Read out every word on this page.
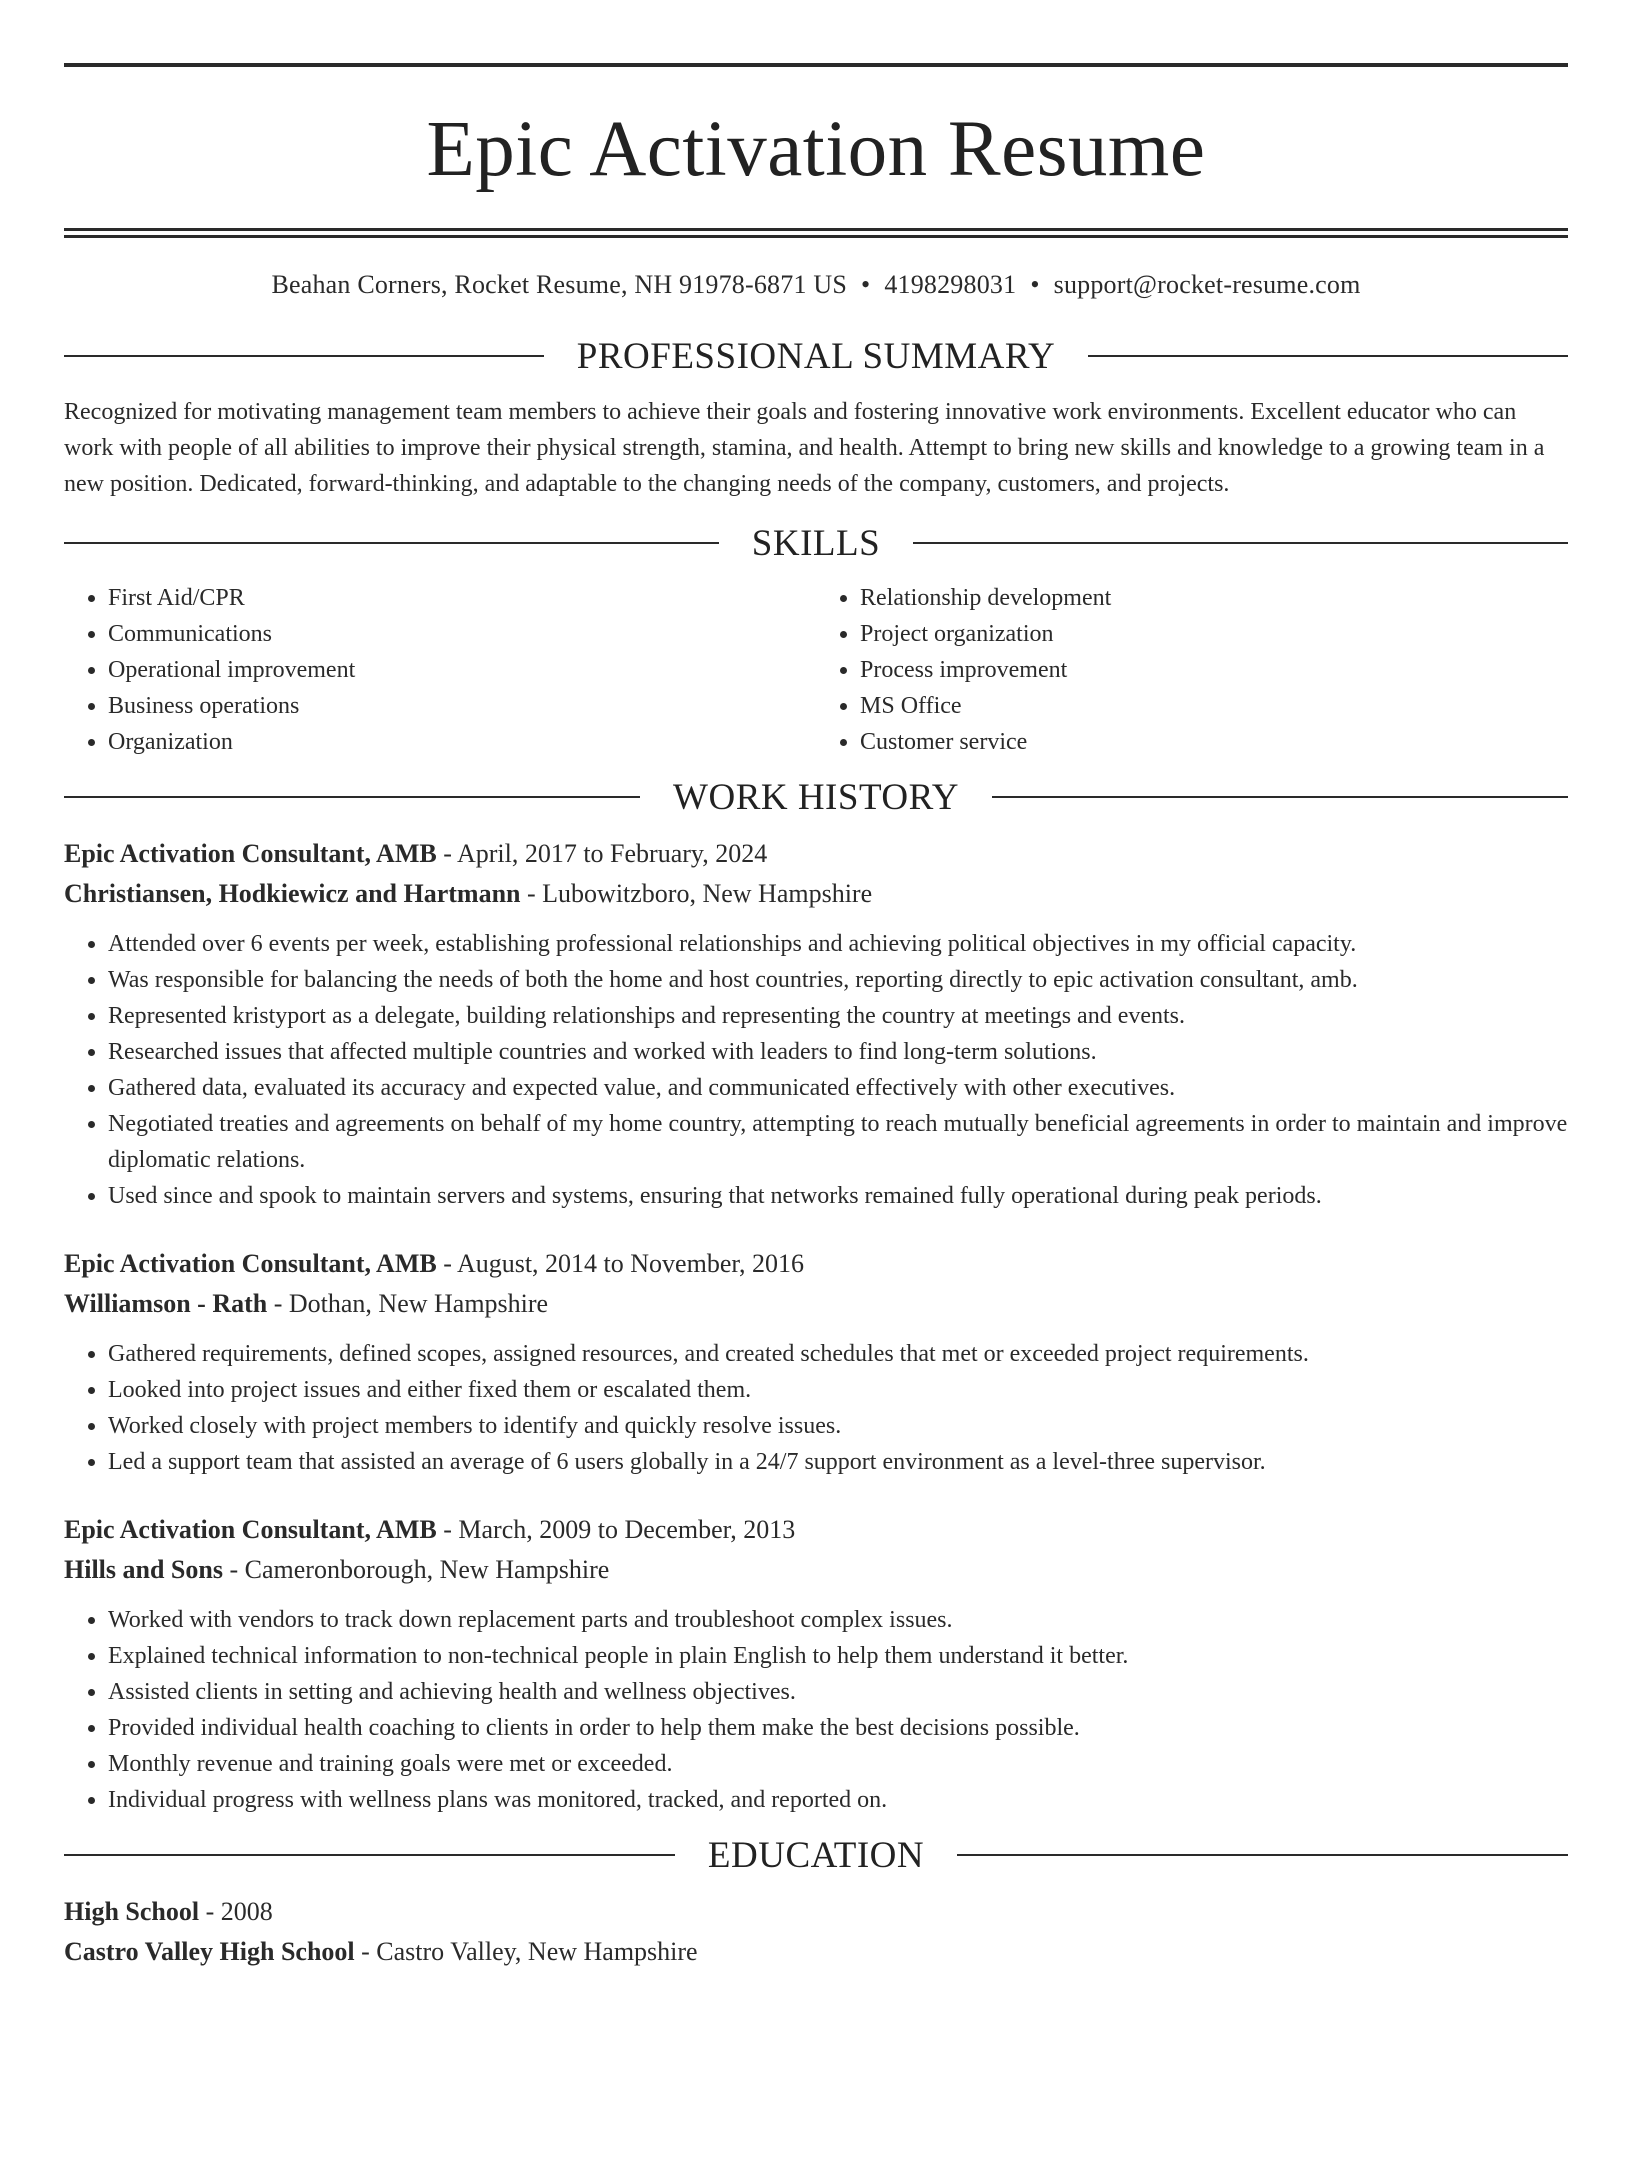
Epic Activation Resume
Beahan Corners, Rocket Resume, NH 91978-6871 US • 4198298031 • support@rocket-resume.com
PROFESSIONAL SUMMARY
Recognized for motivating management team members to achieve their goals and fostering innovative work environments. Excellent educator who can work with people of all abilities to improve their physical strength, stamina, and health. Attempt to bring new skills and knowledge to a growing team in a new position. Dedicated, forward-thinking, and adaptable to the changing needs of the company, customers, and projects.
SKILLS
• First Aid/CPR
• Communications
• Operational improvement
• Business operations
• Organization
• Relationship development
• Project organization
• Process improvement
• MS Office
• Customer service
WORK HISTORY
Epic Activation Consultant, AMB - April, 2017 to February, 2024
Christiansen, Hodkiewicz and Hartmann - Lubowitzboro, New Hampshire
• Attended over 6 events per week, establishing professional relationships and achieving political objectives in my official capacity.
• Was responsible for balancing the needs of both the home and host countries, reporting directly to epic activation consultant, amb.
• Represented kristyport as a delegate, building relationships and representing the country at meetings and events.
• Researched issues that affected multiple countries and worked with leaders to find long-term solutions.
• Gathered data, evaluated its accuracy and expected value, and communicated effectively with other executives.
• Negotiated treaties and agreements on behalf of my home country, attempting to reach mutually beneficial agreements in order to maintain and improve diplomatic relations.
• Used since and spook to maintain servers and systems, ensuring that networks remained fully operational during peak periods.
Epic Activation Consultant, AMB - August, 2014 to November, 2016
Williamson - Rath - Dothan, New Hampshire
• Gathered requirements, defined scopes, assigned resources, and created schedules that met or exceeded project requirements.
• Looked into project issues and either fixed them or escalated them.
• Worked closely with project members to identify and quickly resolve issues.
• Led a support team that assisted an average of 6 users globally in a 24/7 support environment as a level-three supervisor.
Epic Activation Consultant, AMB - March, 2009 to December, 2013
Hills and Sons - Cameronborough, New Hampshire
• Worked with vendors to track down replacement parts and troubleshoot complex issues.
• Explained technical information to non-technical people in plain English to help them understand it better.
• Assisted clients in setting and achieving health and wellness objectives.
• Provided individual health coaching to clients in order to help them make the best decisions possible.
• Monthly revenue and training goals were met or exceeded.
• Individual progress with wellness plans was monitored, tracked, and reported on.
EDUCATION
High School - 2008
Castro Valley High School - Castro Valley, New Hampshire
